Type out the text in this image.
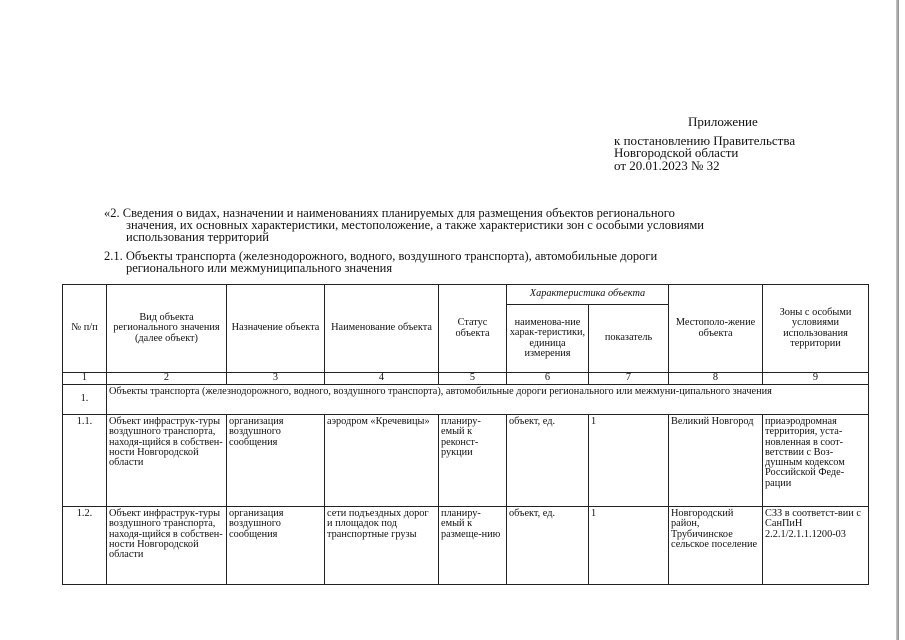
Приложение
к постановлению Правительства
Новгородской области
от 20.01.2023 № 32
«2. Сведения о видах, назначении и наименованиях планируемых для размещения объектов регионального
значения, их основных характеристики, местоположение, а также характеристики зон с особыми условиями
использования территорий
2.1. Объекты транспорта (железнодорожного, водного, воздушного транспорта), автомобильные дороги
регионального или межмуниципального значения
№ п/п	Вид объекта регионального значения (далее объект)	Назначение объекта	Наименование объекта	Статус объекта	Характеристика объекта		Местополо-жение объекта	Зоны с особыми условиями использования территории
					наименова-ние харак-теристики, единица измерения	показатель		
1	2	3	4	5	6	7	8	9
1.	Объекты транспорта (железнодорожного, водного, воздушного транспорта), автомобильные дороги регионального или межмуни-ципального значения							
1.1.	Объект инфраструк-туры воздушного транспорта, находя-щийся в собствен-ности Новгородской области	организация воздушного сообщения	аэродром «Кречевицы»	планиру-емый к реконст-рукции	объект, ед.	1	Великий Новгород	приаэродромная территория, уста-новленная в соот-ветствии с Воз-душным кодексом Российской Феде-рации
1.2.	Объект инфраструк-туры воздушного транспорта, находя-щийся в собствен-ности Новгородской области	организация воздушного сообщения	сети подъездных дорог и площадок под транспортные грузы	планиру-емый к размеще-нию	объект, ед.	1	Новгородский район, Трубичинское сельское поселение	СЗЗ в соответст-вии с СанПиН 2.2.1/2.1.1.1200-03
